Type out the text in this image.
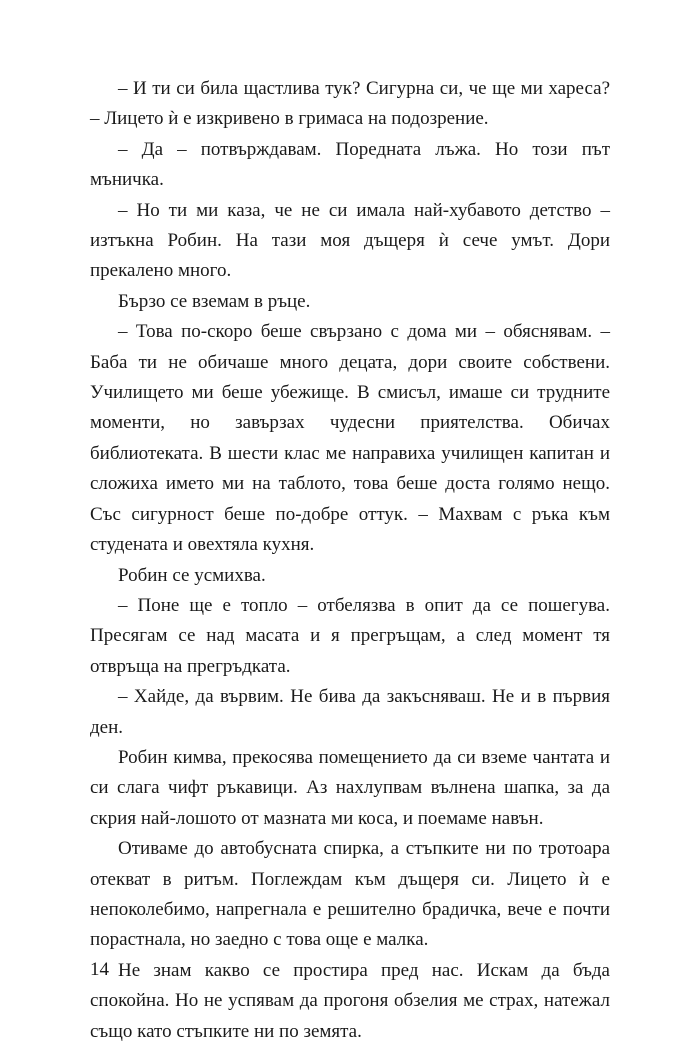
– И ти си била щастлива тук? Сигурна си, че ще ми хареса? – Лицето ѝ е изкривено в гримаса на подозрение.

– Да – потвърждавам. Поредната лъжа. Но този път мъничка.

– Но ти ми каза, че не си имала най-хубавото детство – изтъкна Робин. На тази моя дъщеря ѝ сече умът. Дори прекалено много.

Бързо се вземам в ръце.

– Това по-скоро беше свързано с дома ми – обяснявам. – Баба ти не обичаше много децата, дори своите собствени. Училището ми беше убежище. В смисъл, имаше си трудните моменти, но завързах чудесни приятелства. Обичах библиотеката. В шести клас ме направиха училищен капитан и сложиха името ми на таблото, това беше доста голямо нещо. Със сигурност беше по-добре оттук. – Махвам с ръка към студената и овехтяла кухня.

Робин се усмихва.

– Поне ще е топло – отбелязва в опит да се пошегува. Пресягам се над масата и я прегръщам, а след момент тя отвръща на прегръдката.

– Хайде, да вървим. Не бива да закъсняваш. Не и в първия ден.

Робин кимва, прекосява помещението да си вземе чантата и си слага чифт ръкавици. Аз нахлупвам вълнена шапка, за да скрия най-лошото от мазната ми коса, и поемаме навън.

Отиваме до автобусната спирка, а стъпките ни по тротоара отекват в ритъм. Поглеждам към дъщеря си. Лицето ѝ е непоколебимо, напрегнала е решително брадичка, вече е почти порастнала, но заедно с това още е малка.

Не знам какво се простира пред нас. Искам да бъда спокойна. Но не успявам да прогоня обзелия ме страх, натежал също като стъпките ни по земята.

14
